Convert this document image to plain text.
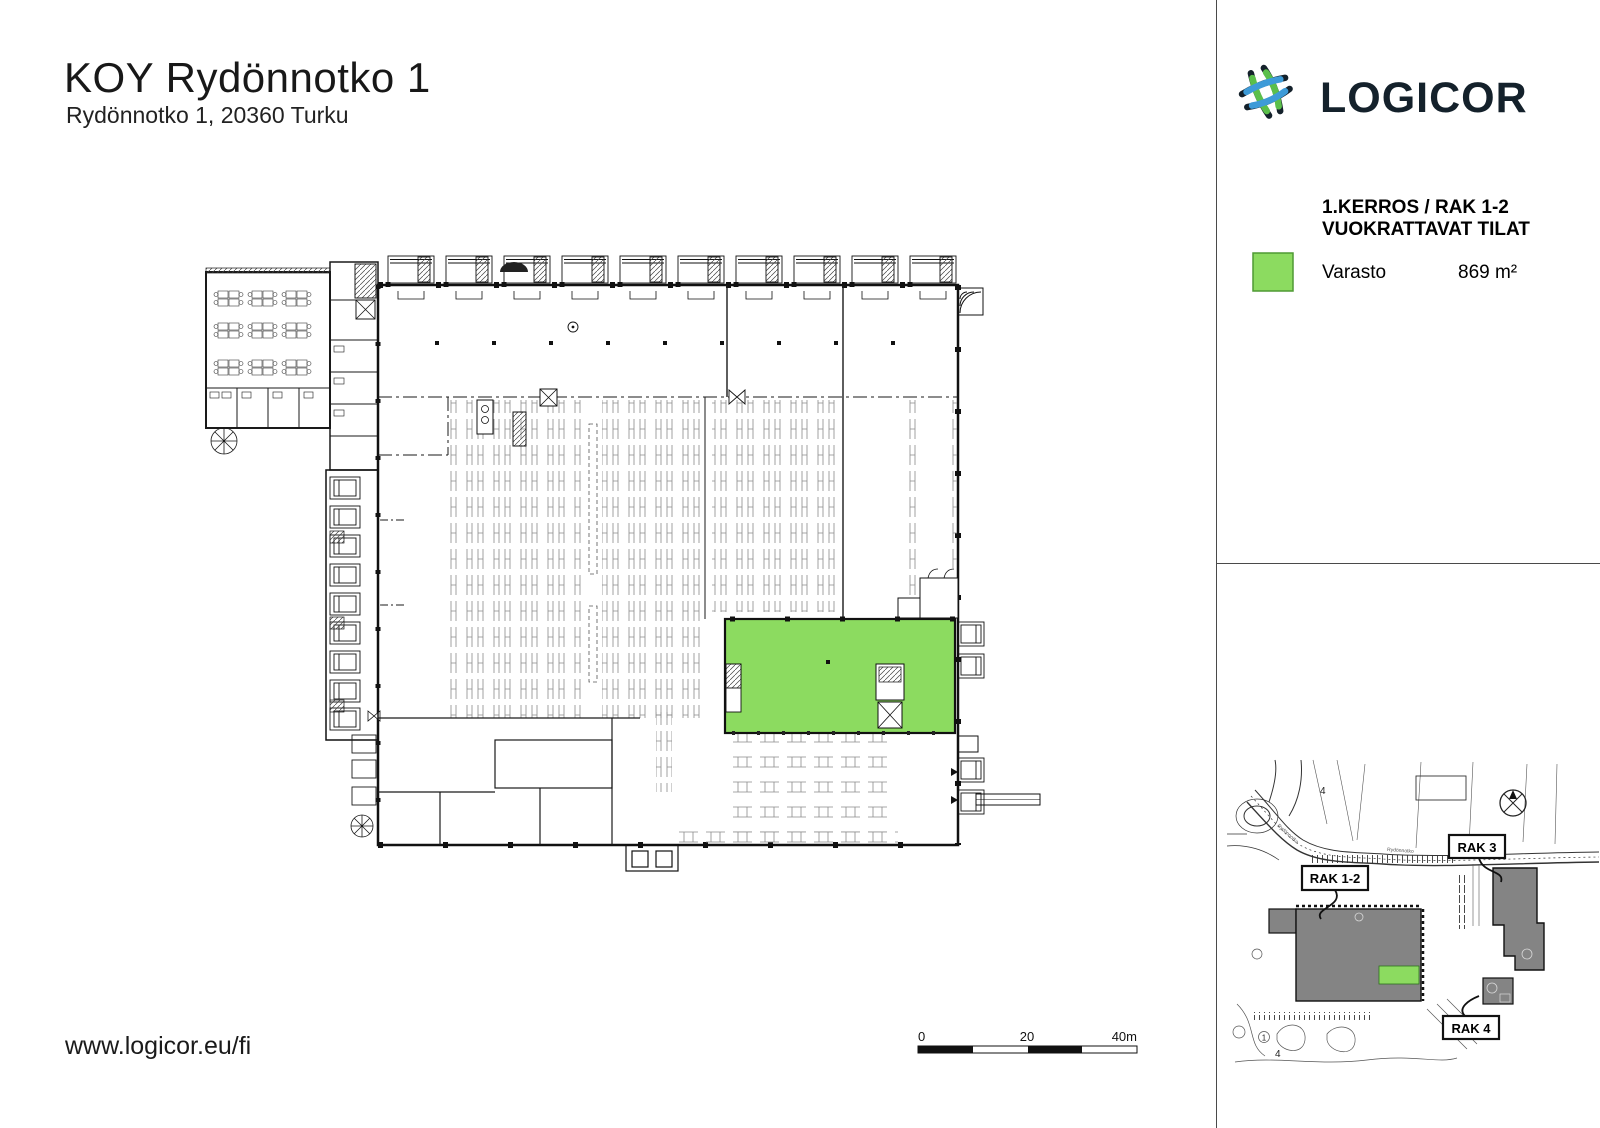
KOY Rydönnotko 1
Rydönnotko 1, 20360 Turku
www.logicor.eu/fi
LOGICOR
1.KERROS / RAK 1-2
VUOKRATTAVAT TILAT
Varasto	869 m²
0	20	40m
RAK 1-2
RAK 3
RAK 4
4
4
1
Rydönnotko
Rydönnotko
